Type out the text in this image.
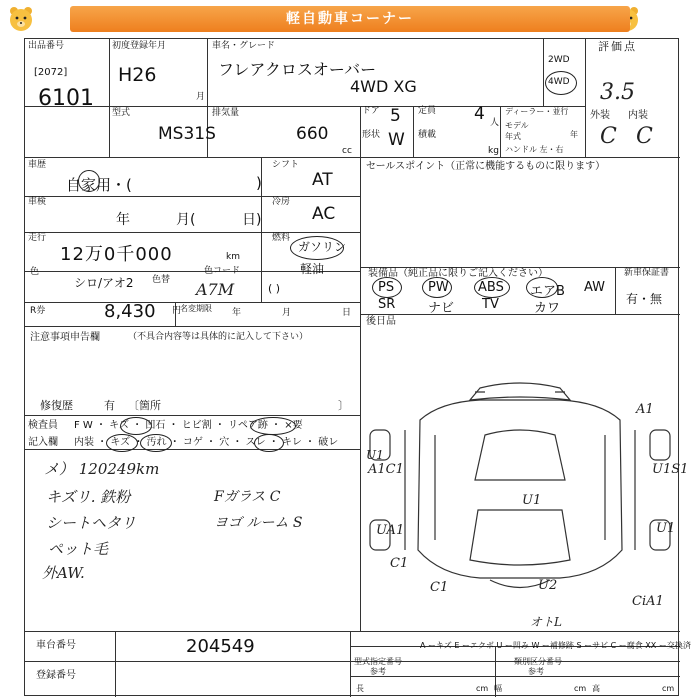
軽自動車コーナー
出品番号
[2072]
6101
初度登録年月
H26
月
車名・グレード
フレアクロスオーバー
4WD XG
2WD
4WD
評価点
3.5
外装 内装
C C
型式
MS31S
排気量
660
cc
ドア 5 定員 4 人
形状 W 積載
kg
ディーラー・並行
モデル年式	年
ハンドル 左・右
車歴
自家用・(	)
シフト
AT
セールスポイント（正常に機能するものに限ります）
車検
年	月(	日)
冷房
AC
走行
12万0千000	km
燃料
ガソリン
軽油
色
シロ/アオ2 色替
色コード
A7M	( )
R券	8,430 円
名変期限 年	月	日
装備品（純正品に限りご記入ください）
PS	PW ABS エアB AW
SR	ナビ TV	カワ
新車保証書
有・無
後日品
注意事項申告欄	（不具合内容等は具体的に記入して下さい）
修復歴	有 〔箇所	〕
検査員 F W ・ キズ ・ 凹石 ・ ヒビ割 ・ リペア跡 ・ ×要
記入欄 内装 ・ キズ ・ 汚れ ・ コゲ ・ 穴 ・ スレ ・ キレ ・ 破レ
メ） 120249km
キズリ. 鉄粉
シートヘタリ
ペット毛
外AW.
Fガラス C
ヨゴ ルーム S
A1
U1
A1C1	U1S1
U1
UA1	U1
C1
C1	U2
CiA1
オトL
A ーキズ E ーエクボ U ー凹み W ー補修跡 S ーサビ C ー腐食 XX ー交換済
車台番号	204549
登録番号
型式指定番号
参考
類別区分番号
参考
長	cm 幅	cm 高	cm
